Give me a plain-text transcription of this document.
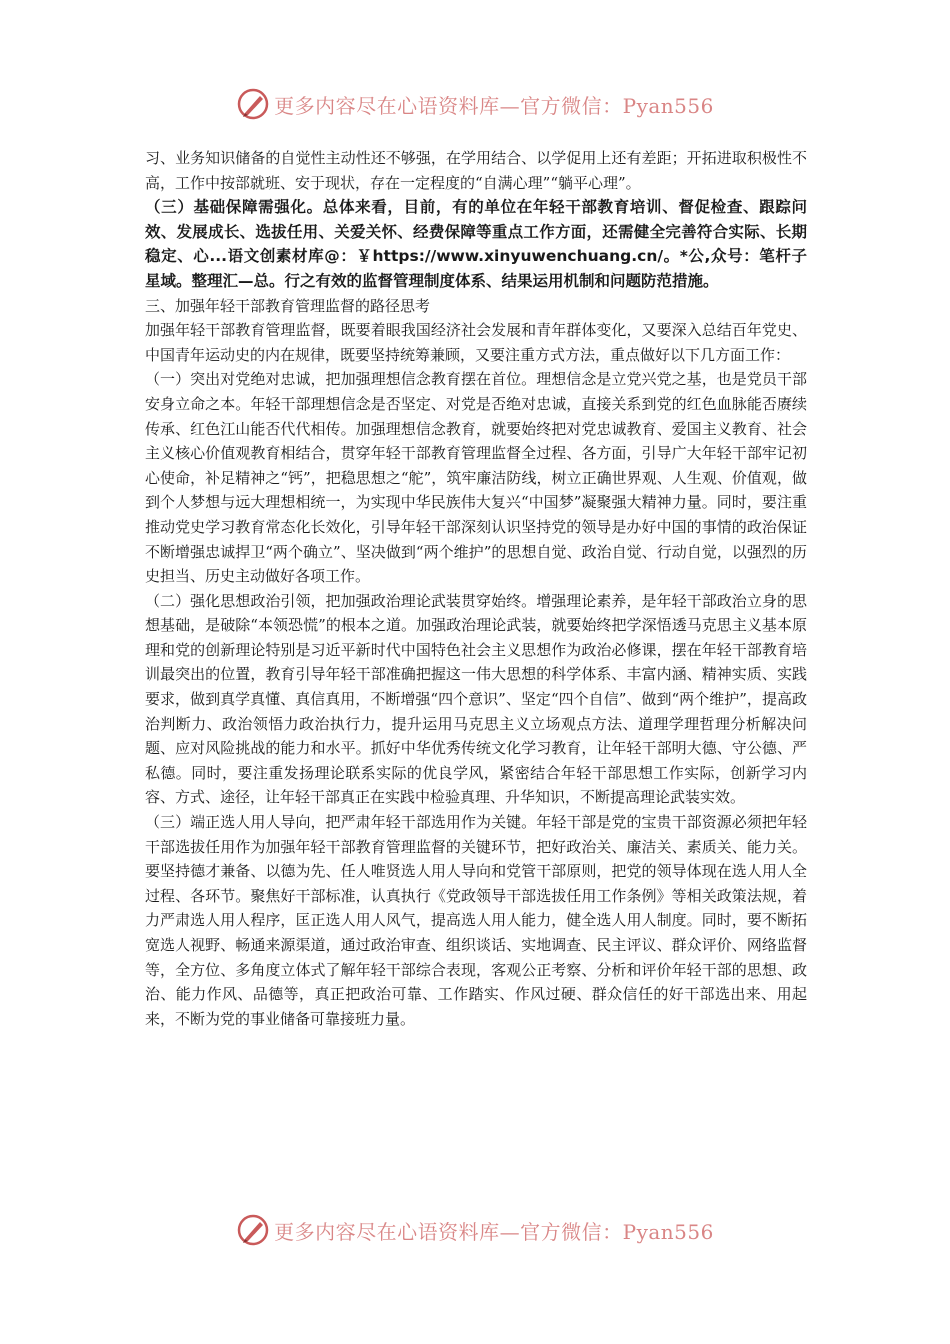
更多内容尽在心语资料库—官方微信：Pyan556

习、业务知识储备的自觉性主动性还不够强，在学用结合、以学促用上还有差距；开拓进取积极性不高，工作中按部就班、安于现状，存在一定程度的“自满心理”“躺平心理”。

（三）基础保障需强化。总体来看，目前，有的单位在年轻干部教育培训、督促检查、跟踪问效、发展成长、选拔任用、关爱关怀、经费保障等重点工作方面，还需健全完善符合实际、长期稳定、心...语文创素材库@：￥https://www.xinyuwenchuang.cn/。*公,众号：笔杆子星域。整理汇—总。行之有效的监督管理制度体系、结果运用机制和问题防范措施。

三、加强年轻干部教育管理监督的路径思考

加强年轻干部教育管理监督，既要着眼我国经济社会发展和青年群体变化，又要深入总结百年党史、中国青年运动史的内在规律，既要坚持统筹兼顾，又要注重方式方法，重点做好以下几方面工作：

（一）突出对党绝对忠诚，把加强理想信念教育摆在首位。理想信念是立党兴党之基，也是党员干部安身立命之本。年轻干部理想信念是否坚定、对党是否绝对忠诚，直接关系到党的红色血脉能否赓续传承、红色江山能否代代相传。加强理想信念教育，就要始终把对党忠诚教育、爱国主义教育、社会主义核心价值观教育相结合，贯穿年轻干部教育管理监督全过程、各方面，引导广大年轻干部牢记初心使命，补足精神之“钙”，把稳思想之“舵”，筑牢廉洁防线，树立正确世界观、人生观、价值观，做到个人梦想与远大理想相统一，为实现中华民族伟大复兴“中国梦”凝聚强大精神力量。同时，要注重推动党史学习教育常态化长效化，引导年轻干部深刻认识坚持党的领导是办好中国的事情的政治保证不断增强忠诚捍卫“两个确立”、坚决做到“两个维护”的思想自觉、政治自觉、行动自觉，以强烈的历史担当、历史主动做好各项工作。

（二）强化思想政治引领，把加强政治理论武装贯穿始终。增强理论素养，是年轻干部政治立身的思想基础，是破除“本领恐慌”的根本之道。加强政治理论武装，就要始终把学深悟透马克思主义基本原理和党的创新理论特别是习近平新时代中国特色社会主义思想作为政治必修课，摆在年轻干部教育培训最突出的位置，教育引导年轻干部准确把握这一伟大思想的科学体系、丰富内涵、精神实质、实践要求，做到真学真懂、真信真用，不断增强“四个意识”、坚定“四个自信”、做到“两个维护”，提高政治判断力、政治领悟力政治执行力，提升运用马克思主义立场观点方法、道理学理哲理分析解决问题、应对风险挑战的能力和水平。抓好中华优秀传统文化学习教育，让年轻干部明大德、守公德、严私德。同时，要注重发扬理论联系实际的优良学风，紧密结合年轻干部思想工作实际，创新学习内容、方式、途径，让年轻干部真正在实践中检验真理、升华知识，不断提高理论武装实效。

（三）端正选人用人导向，把严肃年轻干部选用作为关键。年轻干部是党的宝贵干部资源必须把年轻干部选拔任用作为加强年轻干部教育管理监督的关键环节，把好政治关、廉洁关、素质关、能力关。要坚持德才兼备、以德为先、任人唯贤选人用人导向和党管干部原则，把党的领导体现在选人用人全过程、各环节。聚焦好干部标准，认真执行《党政领导干部选拔任用工作条例》等相关政策法规，着力严肃选人用人程序，匡正选人用人风气，提高选人用人能力，健全选人用人制度。同时，要不断拓宽选人视野、畅通来源渠道，通过政治审查、组织谈话、实地调查、民主评议、群众评价、网络监督等，全方位、多角度立体式了解年轻干部综合表现，客观公正考察、分析和评价年轻干部的思想、政治、能力作风、品德等，真正把政治可靠、工作踏实、作风过硬、群众信任的好干部选出来、用起来，不断为党的事业储备可靠接班力量。

更多内容尽在心语资料库—官方微信：Pyan556
